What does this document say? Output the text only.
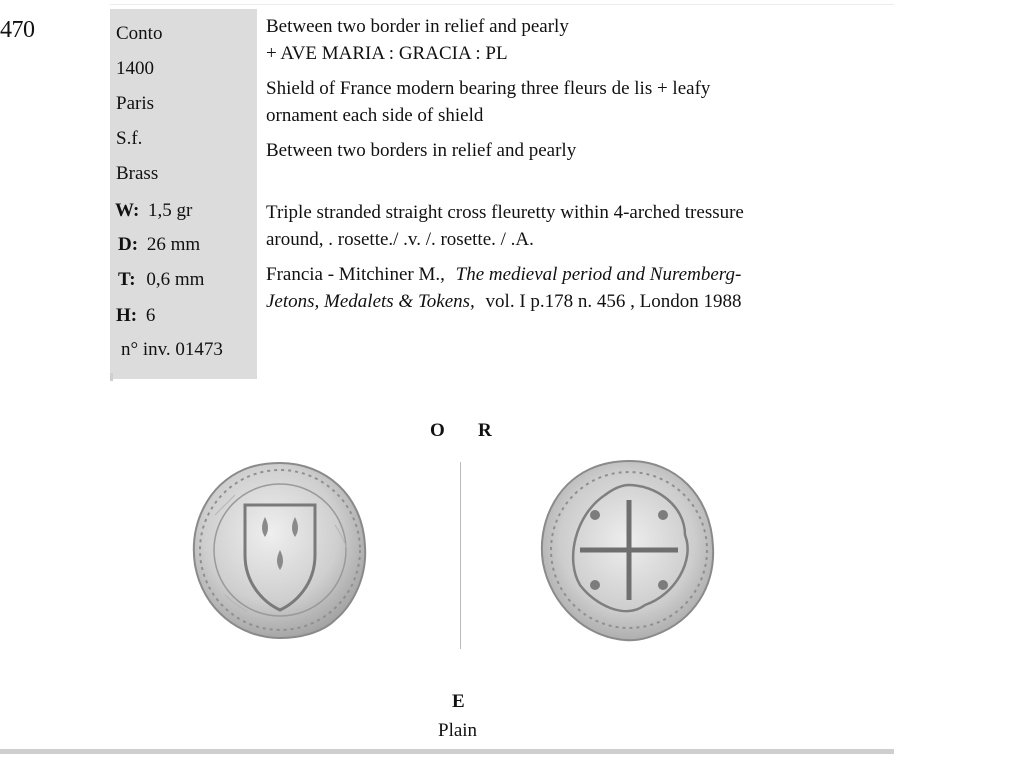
470	Conto
1400
Paris
S.f.
Brass
W: 1,5 gr
D: 26 mm
T: 0,6 mm
H: 6
n° inv. 01473
Between two border in relief and pearly
+ AVE MARIA : GRACIA : PL
Shield of France modern bearing three fleurs de lis + leafy
ornament each side of shield
Between two borders in relief and pearly
Triple stranded straight cross fleuretty within 4-arched tressure
around, . rosette./ .v. /. rosette. / .A.
Francia - Mitchiner M., The medieval period and Nuremberg-
Jetons, Medalets & Tokens, vol. I p.178 n. 456 , London 1988
O R
E
Plain
